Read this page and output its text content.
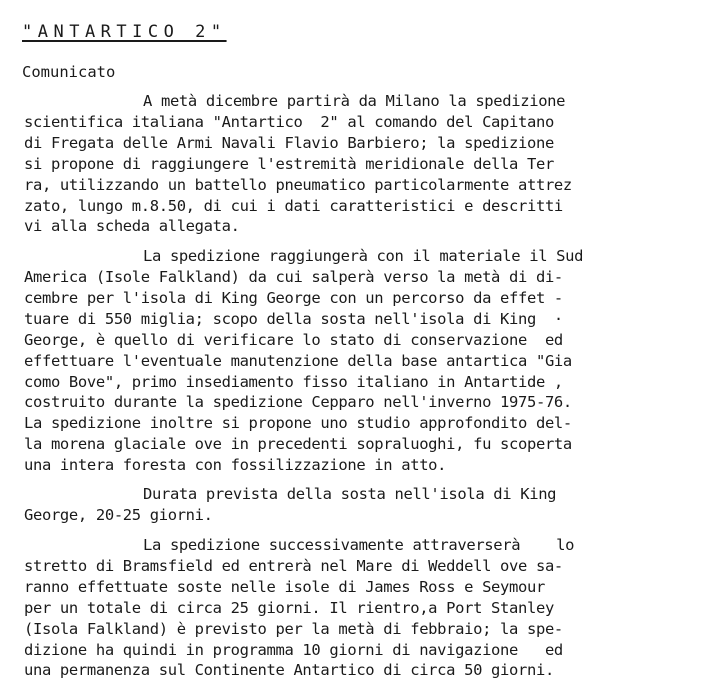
"ANTARTICO 2"
Comunicato
A metà dicembre partirà da Milano la spedizione
scientifica italiana "Antartico  2" al comando del Capitano
di Fregata delle Armi Navali Flavio Barbiero; la spedizione
si propone di raggiungere l'estremità meridionale della Ter
ra, utilizzando un battello pneumatico particolarmente attrez
zato, lungo m.8.50, di cui i dati caratteristici e descritti
vi alla scheda allegata.
La spedizione raggiungerà con il materiale il Sud
America (Isole Falkland) da cui salperà verso la metà di di-
cembre per l'isola di King George con un percorso da effet -
tuare di 550 miglia; scopo della sosta nell'isola di King  ·
George, è quello di verificare lo stato di conservazione  ed
effettuare l'eventuale manutenzione della base antartica "Gia
como Bove", primo insediamento fisso italiano in Antartide ,
costruito durante la spedizione Cepparo nell'inverno 1975-76.
La spedizione inoltre si propone uno studio approfondito del-
la morena glaciale ove in precedenti sopraluoghi, fu scoperta
una intera foresta con fossilizzazione in atto.
Durata prevista della sosta nell'isola di King
George, 20-25 giorni.
La spedizione successivamente attraverserà    lo
stretto di Bramsfield ed entrerà nel Mare di Weddell ove sa-
ranno effettuate soste nelle isole di James Ross e Seymour
per un totale di circa 25 giorni. Il rientro,a Port Stanley
(Isola Falkland) è previsto per la metà di febbraio; la spe-
dizione ha quindi in programma 10 giorni di navigazione   ed
una permanenza sul Continente Antartico di circa 50 giorni.
